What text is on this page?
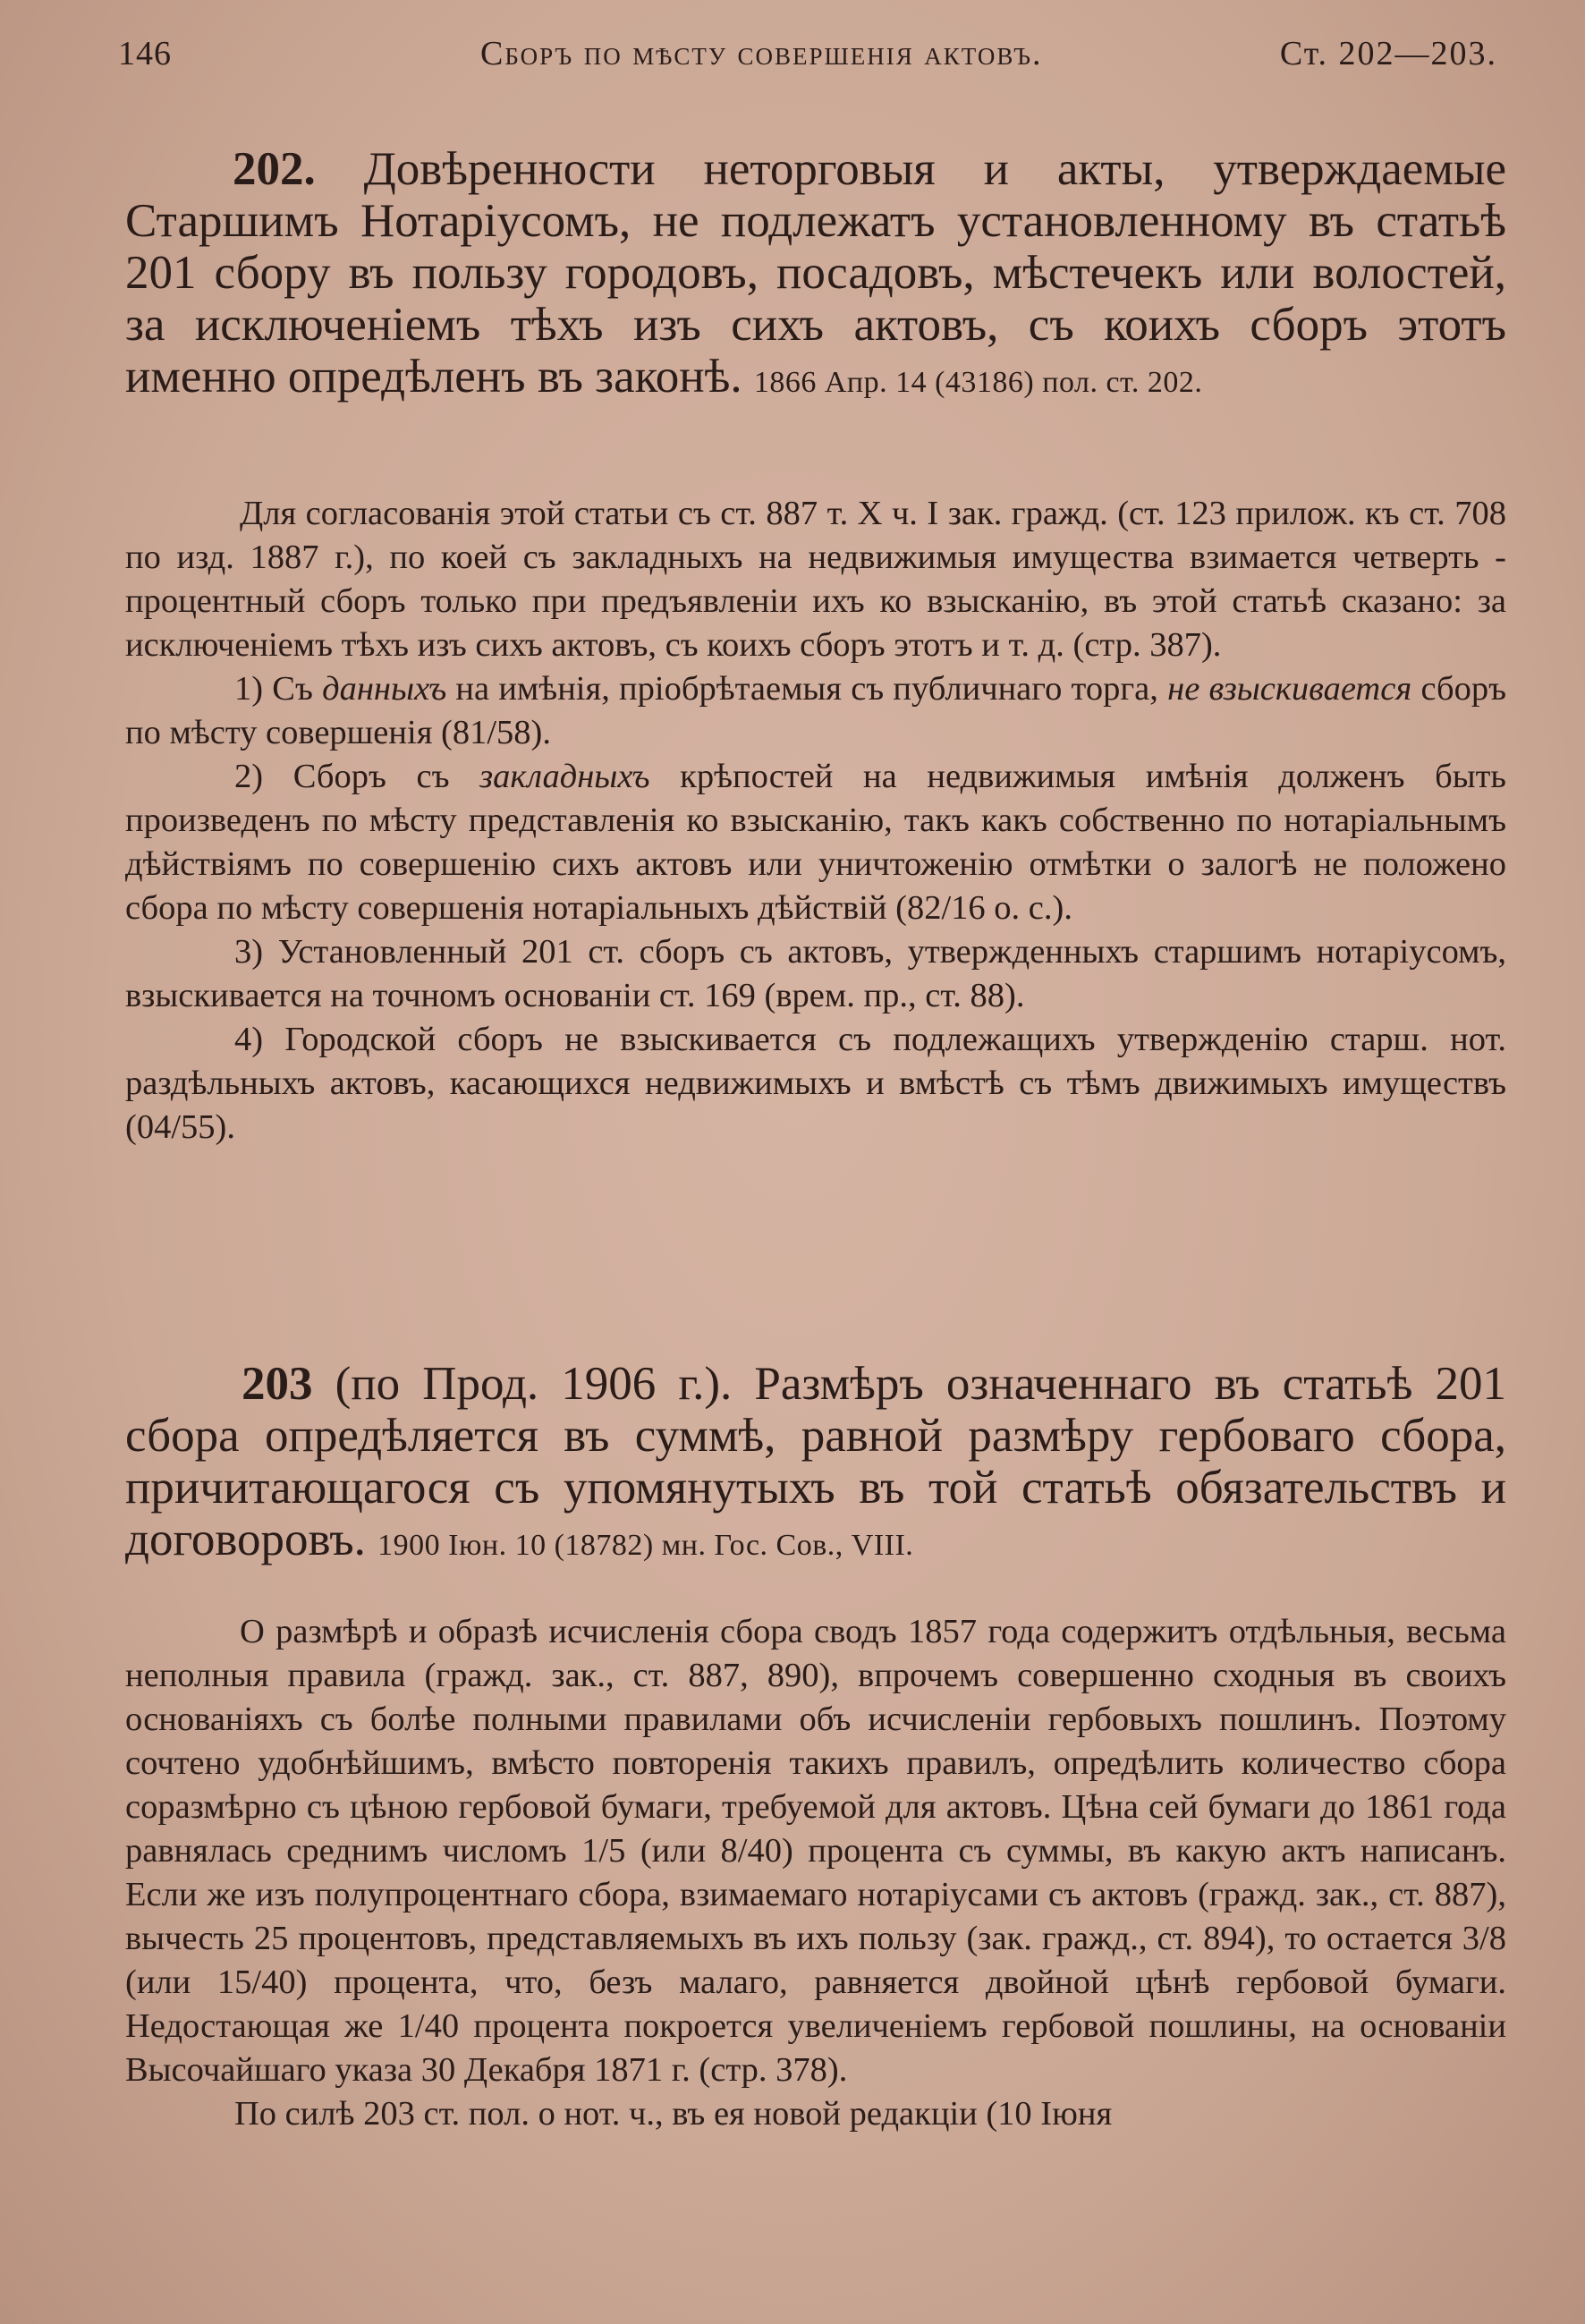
146	Сборъ по мѣсту совершенія актовъ.	Ст. 202—203.
202. Довѣренности неторговыя и акты, утверждаемые Старшимъ Нотаріусомъ, не подлежатъ установленному въ статьѣ 201 сбору въ пользу городовъ, посадовъ, мѣстечекъ или волостей, за исключеніемъ тѣхъ изъ сихъ актовъ, съ коихъ сборъ этотъ именно опредѣленъ въ законѣ. 1866 Апр. 14 (43186) пол. ст. 202.

Для согласованія этой статьи съ ст. 887 т. X ч. I зак. гражд. (ст. 123 прилож. къ ст. 708 по изд. 1887 г.), по коей съ закладныхъ на недвижимыя имущества взимается четверть - процентный сборъ только при предъявленіи ихъ ко взысканію, въ этой статьѣ сказано: за исключеніемъ тѣхъ изъ сихъ актовъ, съ коихъ сборъ этотъ и т. д. (стр. 387).

1) Съ данныхъ на имѣнія, пріобрѣтаемыя съ публичнаго торга, не взыскивается сборъ по мѣсту совершенія (81/58).

2) Сборъ съ закладныхъ крѣпостей на недвижимыя имѣнія долженъ быть произведенъ по мѣсту представленія ко взысканію, такъ какъ собственно по нотаріальнымъ дѣйствіямъ по совершенію сихъ актовъ или уничтоженію отмѣтки о залогѣ не положено сбора по мѣсту совершенія нотаріальныхъ дѣйствій (82/16 о. с.).

3) Установленный 201 ст. сборъ съ актовъ, утвержденныхъ старшимъ нотаріусомъ, взыскивается на точномъ основаніи ст. 169 (врем. пр., ст. 88).

4) Городской сборъ не взыскивается съ подлежащихъ утвержденію старш. нот. раздѣльныхъ актовъ, касающихся недвижимыхъ и вмѣстѣ съ тѣмъ движимыхъ имуществъ (04/55).

203 (по Прод. 1906 г.). Размѣръ означеннаго въ статьѣ 201 сбора опредѣляется въ суммѣ, равной размѣру гербоваго сбора, причитающагося съ упомянутыхъ въ той статьѣ обязательствъ и договоровъ. 1900 Іюн. 10 (18782) мн. Гос. Сов., VIII.

О размѣрѣ и образѣ исчисленія сбора сводъ 1857 года содержитъ отдѣльныя, весьма неполныя правила (гражд. зак., ст. 887, 890), впрочемъ совершенно сходныя въ своихъ основаніяхъ съ болѣе полными правилами объ исчисленіи гербовыхъ пошлинъ. Поэтому сочтено удобнѣйшимъ, вмѣсто повторенія такихъ правилъ, опредѣлить количество сбора соразмѣрно съ цѣною гербовой бумаги, требуемой для актовъ. Цѣна сей бумаги до 1861 года равнялась среднимъ числомъ 1/5 (или 8/40) процента съ суммы, въ какую актъ написанъ. Если же изъ полупроцентнаго сбора, взимаемаго нотаріусами съ актовъ (гражд. зак., ст. 887), вычесть 25 процентовъ, представляемыхъ въ ихъ пользу (зак. гражд., ст. 894), то остается 3/8 (или 15/40) процента, что, безъ малаго, равняется двойной цѣнѣ гербовой бумаги. Недостающая же 1/40 процента покроется увеличеніемъ гербовой пошлины, на основаніи Высочайшаго указа 30 Декабря 1871 г. (стр. 378).

По силѣ 203 ст. пол. о нот. ч., въ ея новой редакціи (10 Іюня
